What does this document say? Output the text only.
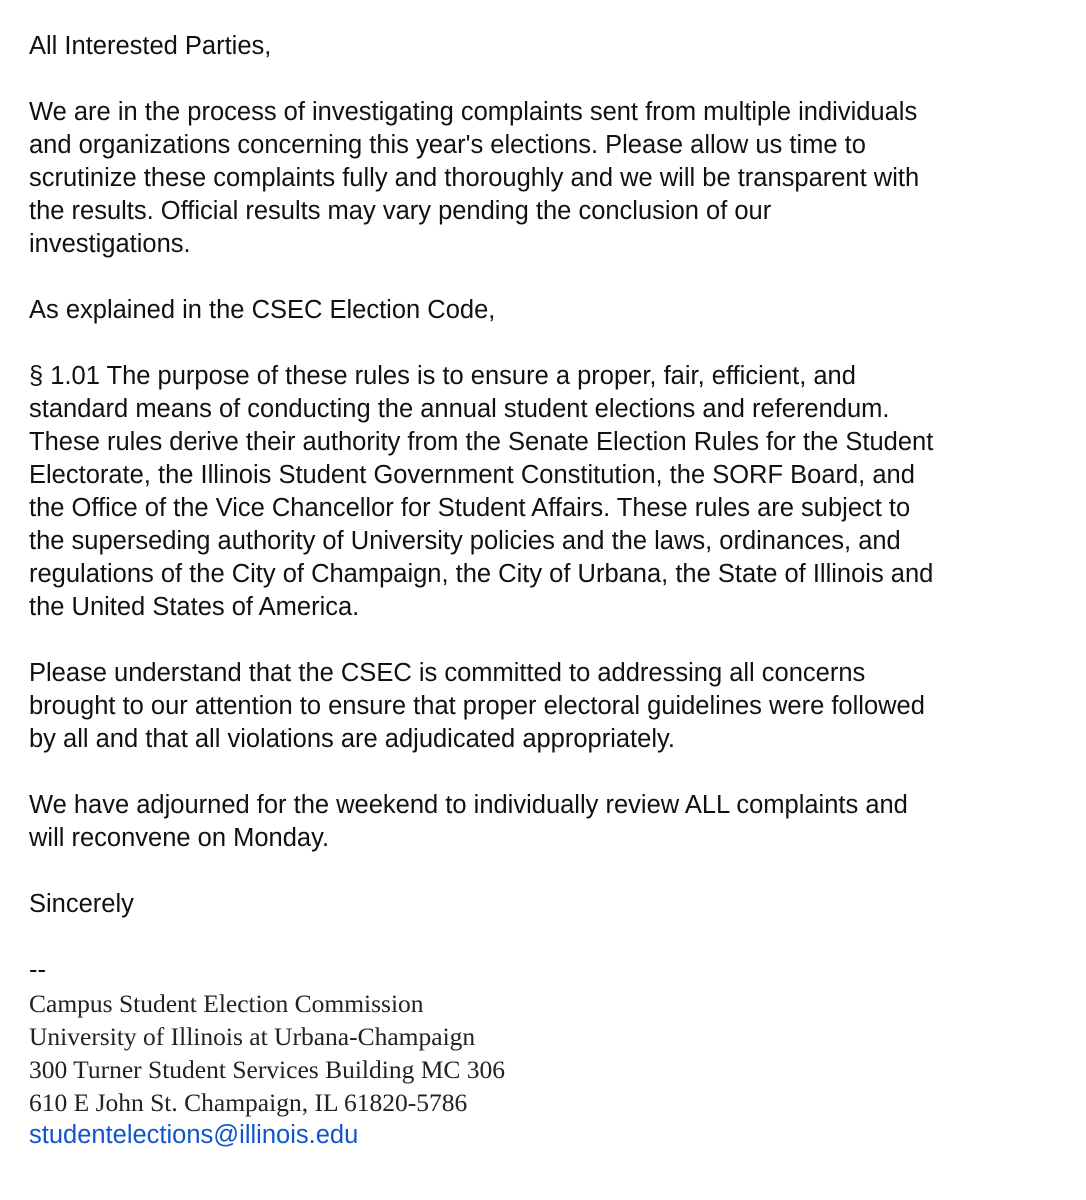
All Interested Parties,

We are in the process of investigating complaints sent from multiple individuals
and organizations concerning this year's elections. Please allow us time to
scrutinize these complaints fully and thoroughly and we will be transparent with
the results. Official results may vary pending the conclusion of our
investigations.

As explained in the CSEC Election Code,

§ 1.01 The purpose of these rules is to ensure a proper, fair, efficient, and
standard means of conducting the annual student elections and referendum.
These rules derive their authority from the Senate Election Rules for the Student
Electorate, the Illinois Student Government Constitution, the SORF Board, and
the Office of the Vice Chancellor for Student Affairs. These rules are subject to
the superseding authority of University policies and the laws, ordinances, and
regulations of the City of Champaign, the City of Urbana, the State of Illinois and
the United States of America.

Please understand that the CSEC is committed to addressing all concerns
brought to our attention to ensure that proper electoral guidelines were followed
by all and that all violations are adjudicated appropriately.

We have adjourned for the weekend to individually review ALL complaints and
will reconvene on Monday.

Sincerely

--

Campus Student Election Commission

University of Illinois at Urbana-Champaign

300 Turner Student Services Building MC 306

610 E John St. Champaign, IL 61820-5786

studentelections@illinois.edu
